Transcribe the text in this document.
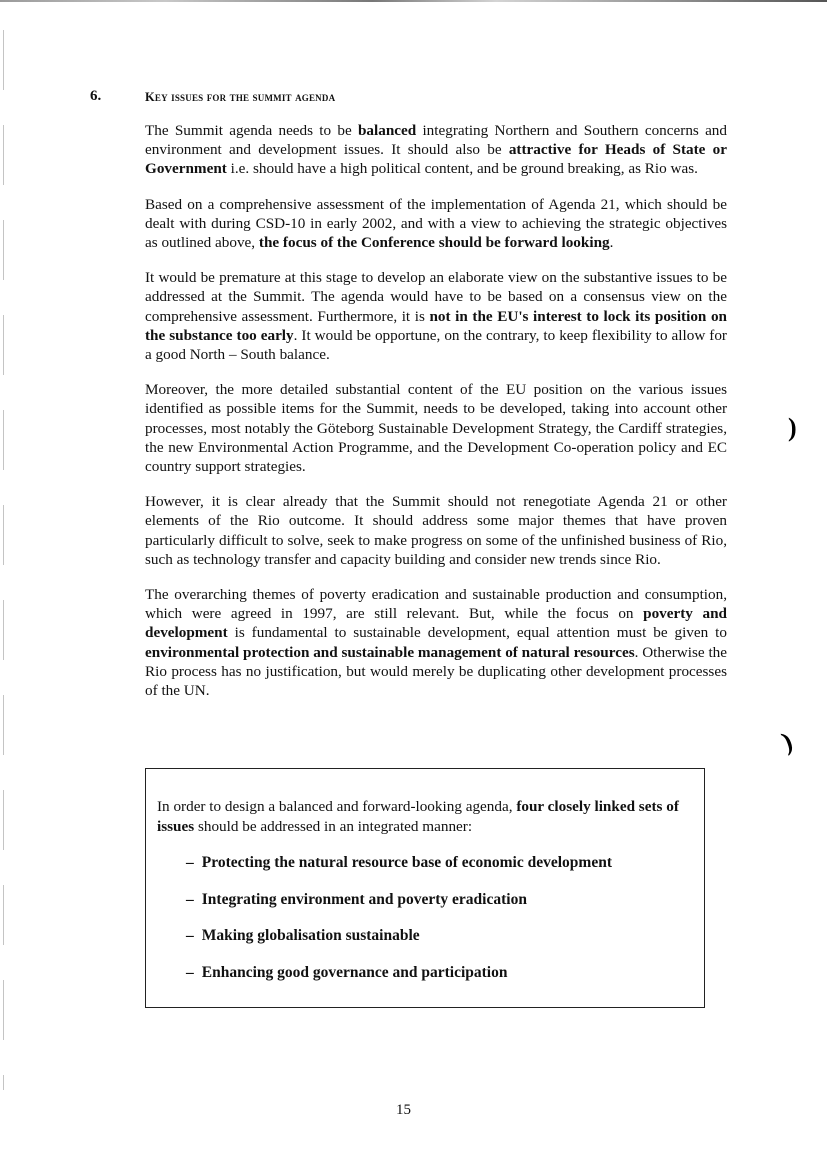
6.	Key issues for the summit agenda

The Summit agenda needs to be balanced integrating Northern and Southern concerns and environment and development issues. It should also be attractive for Heads of State or Government i.e. should have a high political content, and be ground breaking, as Rio was.

Based on a comprehensive assessment of the implementation of Agenda 21, which should be dealt with during CSD-10 in early 2002, and with a view to achieving the strategic objectives as outlined above, the focus of the Conference should be forward looking.

It would be premature at this stage to develop an elaborate view on the substantive issues to be addressed at the Summit. The agenda would have to be based on a consensus view on the comprehensive assessment. Furthermore, it is not in the EU's interest to lock its position on the substance too early. It would be opportune, on the contrary, to keep flexibility to allow for a good North – South balance.

Moreover, the more detailed substantial content of the EU position on the various issues identified as possible items for the Summit, needs to be developed, taking into account other processes, most notably the Göteborg Sustainable Development Strategy, the Cardiff strategies, the new Environmental Action Programme, and the Development Co-operation policy and EC country support strategies.

However, it is clear already that the Summit should not renegotiate Agenda 21 or other elements of the Rio outcome. It should address some major themes that have proven particularly difficult to solve, seek to make progress on some of the unfinished business of Rio, such as technology transfer and capacity building and consider new trends since Rio.

The overarching themes of poverty eradication and sustainable production and consumption, which were agreed in 1997, are still relevant. But, while the focus on poverty and development is fundamental to sustainable development, equal attention must be given to environmental protection and sustainable management of natural resources. Otherwise the Rio process has no justification, but would merely be duplicating other development processes of the UN.

In order to design a balanced and forward-looking agenda, four closely linked sets of issues should be addressed in an integrated manner:
– Protecting the natural resource base of economic development
– Integrating environment and poverty eradication
– Making globalisation sustainable
– Enhancing good governance and participation
)
)
15
